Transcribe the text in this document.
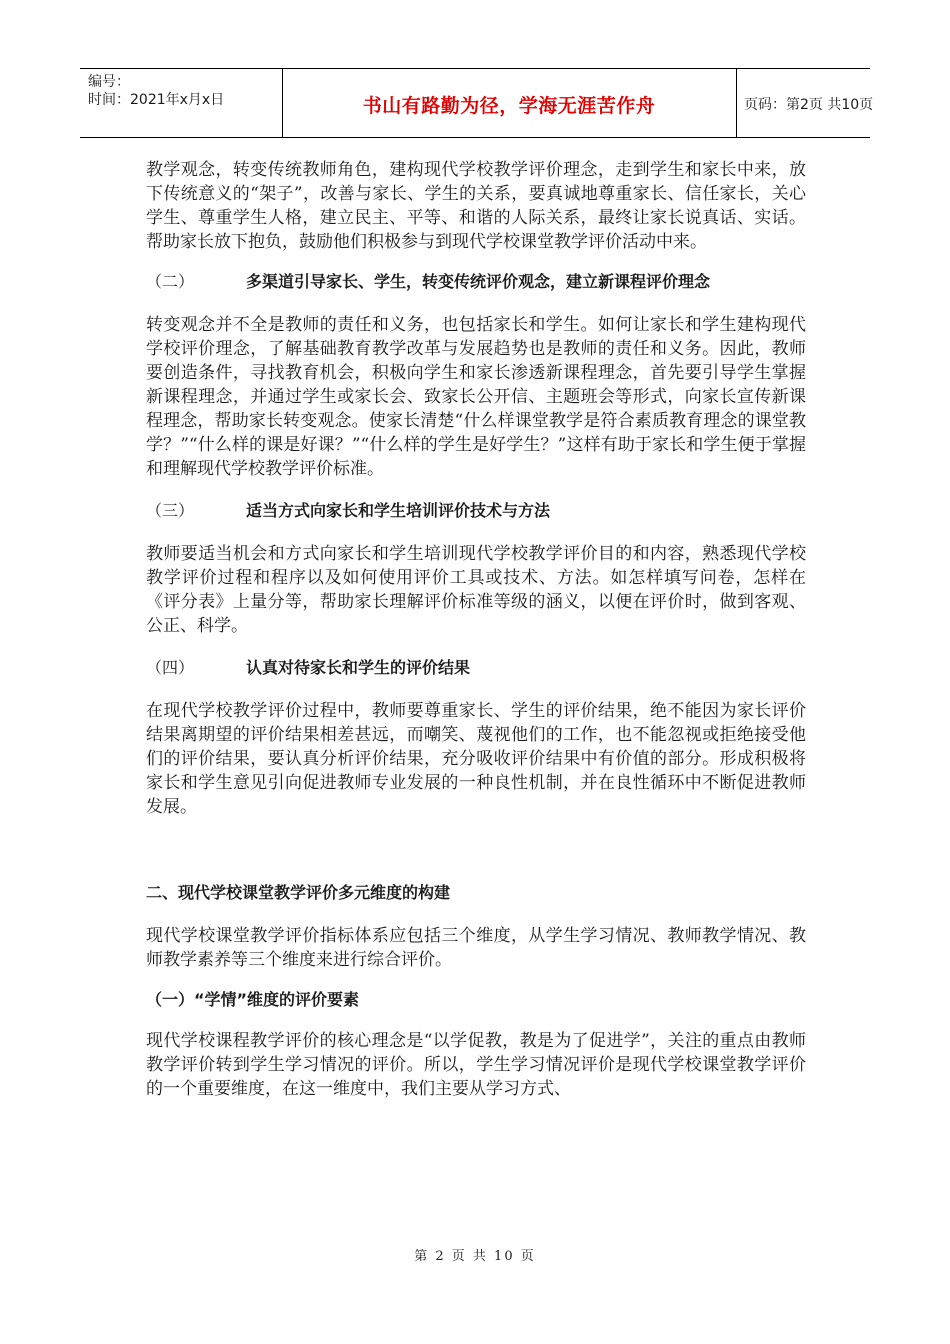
编号：
时间：2021年x月x日	书山有路勤为径，学海无涯苦作舟	页码：第2页 共10页

教学观念，转变传统教师角色，建构现代学校教学评价理念，走到学生和家长中来，放下传统意义的“架子”，改善与家长、学生的关系，要真诚地尊重家长、信任家长，关心学生、尊重学生人格，建立民主、平等、和谐的人际关系，最终让家长说真话、实话。帮助家长放下抱负，鼓励他们积极参与到现代学校课堂教学评价活动中来。

（二）	多渠道引导家长、学生，转变传统评价观念，建立新课程评价理念

转变观念并不全是教师的责任和义务，也包括家长和学生。如何让家长和学生建构现代学校评价理念，了解基础教育教学改革与发展趋势也是教师的责任和义务。因此，教师要创造条件，寻找教育机会，积极向学生和家长渗透新课程理念，首先要引导学生掌握新课程理念，并通过学生或家长会、致家长公开信、主题班会等形式，向家长宣传新课程理念，帮助家长转变观念。使家长清楚“什么样课堂教学是符合素质教育理念的课堂教学？”“什么样的课是好课？”“什么样的学生是好学生？”这样有助于家长和学生便于掌握和理解现代学校教学评价标准。

（三）	适当方式向家长和学生培训评价技术与方法

教师要适当机会和方式向家长和学生培训现代学校教学评价目的和内容，熟悉现代学校教学评价过程和程序以及如何使用评价工具或技术、方法。如怎样填写问卷，怎样在《评分表》上量分等，帮助家长理解评价标准等级的涵义，以便在评价时，做到客观、公正、科学。

（四）	认真对待家长和学生的评价结果

在现代学校教学评价过程中，教师要尊重家长、学生的评价结果，绝不能因为家长评价结果离期望的评价结果相差甚远，而嘲笑、蔑视他们的工作，也不能忽视或拒绝接受他们的评价结果，要认真分析评价结果，充分吸收评价结果中有价值的部分。形成积极将家长和学生意见引向促进教师专业发展的一种良性机制，并在良性循环中不断促进教师发展。

二、现代学校课堂教学评价多元维度的构建

现代学校课堂教学评价指标体系应包括三个维度，从学生学习情况、教师教学情况、教师教学素养等三个维度来进行综合评价。

（一）“学情”维度的评价要素

现代学校课程教学评价的核心理念是“以学促教，教是为了促进学”，关注的重点由教师教学评价转到学生学习情况的评价。所以，学生学习情况评价是现代学校课堂教学评价的一个重要维度，在这一维度中，我们主要从学习方式、

第 2 页 共 10 页
